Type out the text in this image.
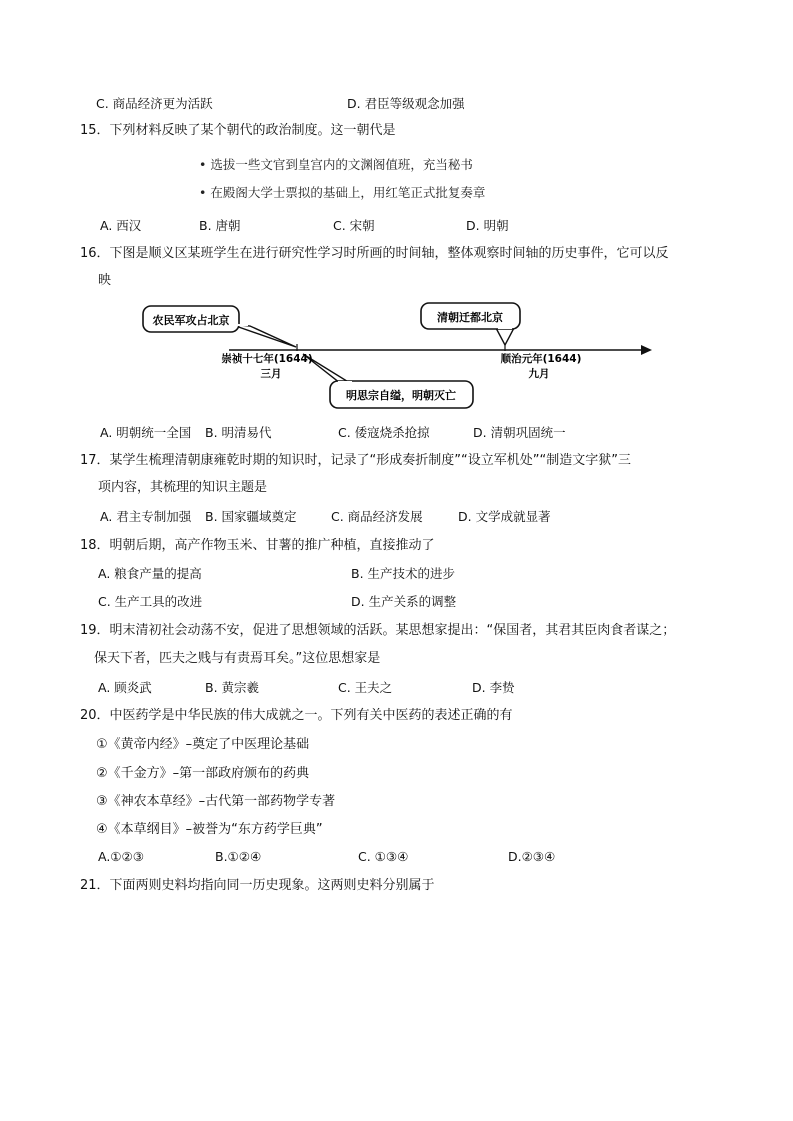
C. 商品经济更为活跃	D. 君臣等级观念加强
15．下列材料反映了某个朝代的政治制度。这一朝代是
• 选拔一些文官到皇宫内的文渊阁值班，充当秘书
• 在殿阁大学士票拟的基础上，用红笔正式批复奏章
A. 西汉	B. 唐朝	C. 宋朝	D. 明朝
16．下图是顺义区某班学生在进行研究性学习时所画的时间轴，整体观察时间轴的历史事件，它可以反
映
农民军攻占北京	清朝迁都北京
明思宗自缢，明朝灭亡
崇祯十七年(1644)
三月
顺治元年(1644)
九月
A. 明朝统一全国 B. 明清易代	C. 倭寇烧杀抢掠	D. 清朝巩固统一
17．某学生梳理清朝康雍乾时期的知识时，记录了“形成奏折制度”“设立军机处”“制造文字狱”三
项内容，其梳理的知识主题是
A. 君主专制加强 B. 国家疆域奠定	C. 商品经济发展	D. 文学成就显著
18．明朝后期，高产作物玉米、甘薯的推广种植，直接推动了
A. 粮食产量的提高	B. 生产技术的进步
C. 生产工具的改进	D. 生产关系的调整
19．明末清初社会动荡不安，促进了思想领域的活跃。某思想家提出：“保国者，其君其臣肉食者谋之；
保天下者，匹夫之贱与有责焉耳矣。”这位思想家是
A. 顾炎武	B. 黄宗羲	C. 王夫之	D. 李贽
20．中医药学是中华民族的伟大成就之一。下列有关中医药的表述正确的有
①《黄帝内经》–奠定了中医理论基础
②《千金方》–第一部政府颁布的药典
③《神农本草经》–古代第一部药物学专著
④《本草纲目》–被誉为“东方药学巨典”
A.①②③	B.①②④	C. ①③④	D.②③④
21．下面两则史料均指向同一历史现象。这两则史料分别属于
